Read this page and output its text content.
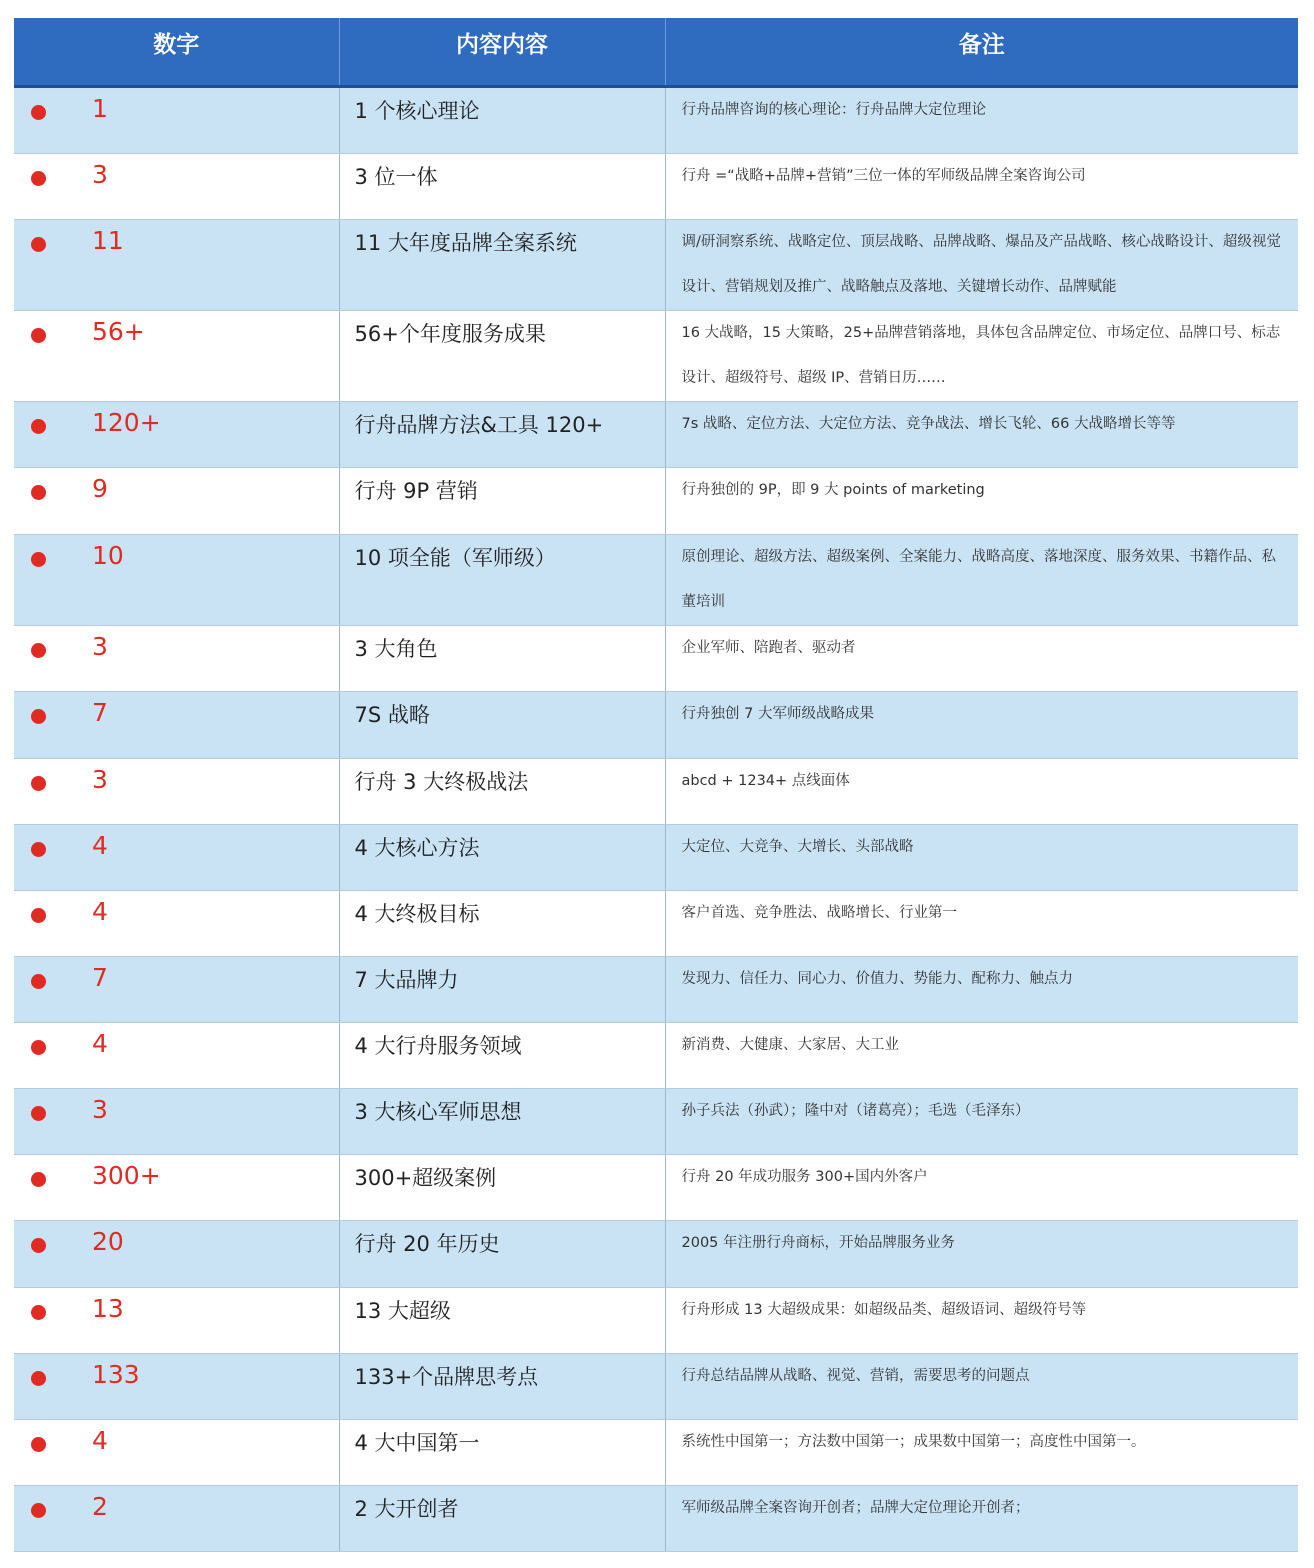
数字	内容内容	备注

1	1 个核心理论	行舟品牌咨询的核心理论：行舟品牌大定位理论

3	3 位一体	行舟 =“战略+品牌+营销”三位一体的军师级品牌全案咨询公司

11	11 大年度品牌全案系统	调/研洞察系统、战略定位、顶层战略、品牌战略、爆品及产品战略、核心战略设计、超级视觉设计、营销规划及推广、战略触点及落地、关键增长动作、品牌赋能

56+	56+个年度服务成果	16 大战略，15 大策略，25+品牌营销落地，具体包含品牌定位、市场定位、品牌口号、标志设计、超级符号、超级 IP、营销日历……

120+	行舟品牌方法&工具 120+	7s 战略、定位方法、大定位方法、竞争战法、增长飞轮、66 大战略增长等等

9	行舟 9P 营销	行舟独创的 9P，即 9 大 points of marketing

10	10 项全能（军师级）	原创理论、超级方法、超级案例、全案能力、战略高度、落地深度、服务效果、书籍作品、私董培训

3	3 大角色	企业军师、陪跑者、驱动者

7	7S 战略	行舟独创 7 大军师级战略成果

3	行舟 3 大终极战法	abcd + 1234+ 点线面体

4	4 大核心方法	大定位、大竞争、大增长、头部战略

4	4 大终极目标	客户首选、竞争胜法、战略增长、行业第一

7	7 大品牌力	发现力、信任力、同心力、价值力、势能力、配称力、触点力

4	4 大行舟服务领域	新消费、大健康、大家居、大工业

3	3 大核心军师思想	孙子兵法（孙武）；隆中对（诸葛亮）；毛选（毛泽东）

300+	300+超级案例	行舟 20 年成功服务 300+国内外客户

20	行舟 20 年历史	2005 年注册行舟商标，开始品牌服务业务

13	13 大超级	行舟形成 13 大超级成果：如超级品类、超级语词、超级符号等

133	133+个品牌思考点	行舟总结品牌从战略、视觉、营销，需要思考的问题点

4	4 大中国第一	系统性中国第一；方法数中国第一；成果数中国第一；高度性中国第一。

2	2 大开创者	军师级品牌全案咨询开创者；品牌大定位理论开创者；
